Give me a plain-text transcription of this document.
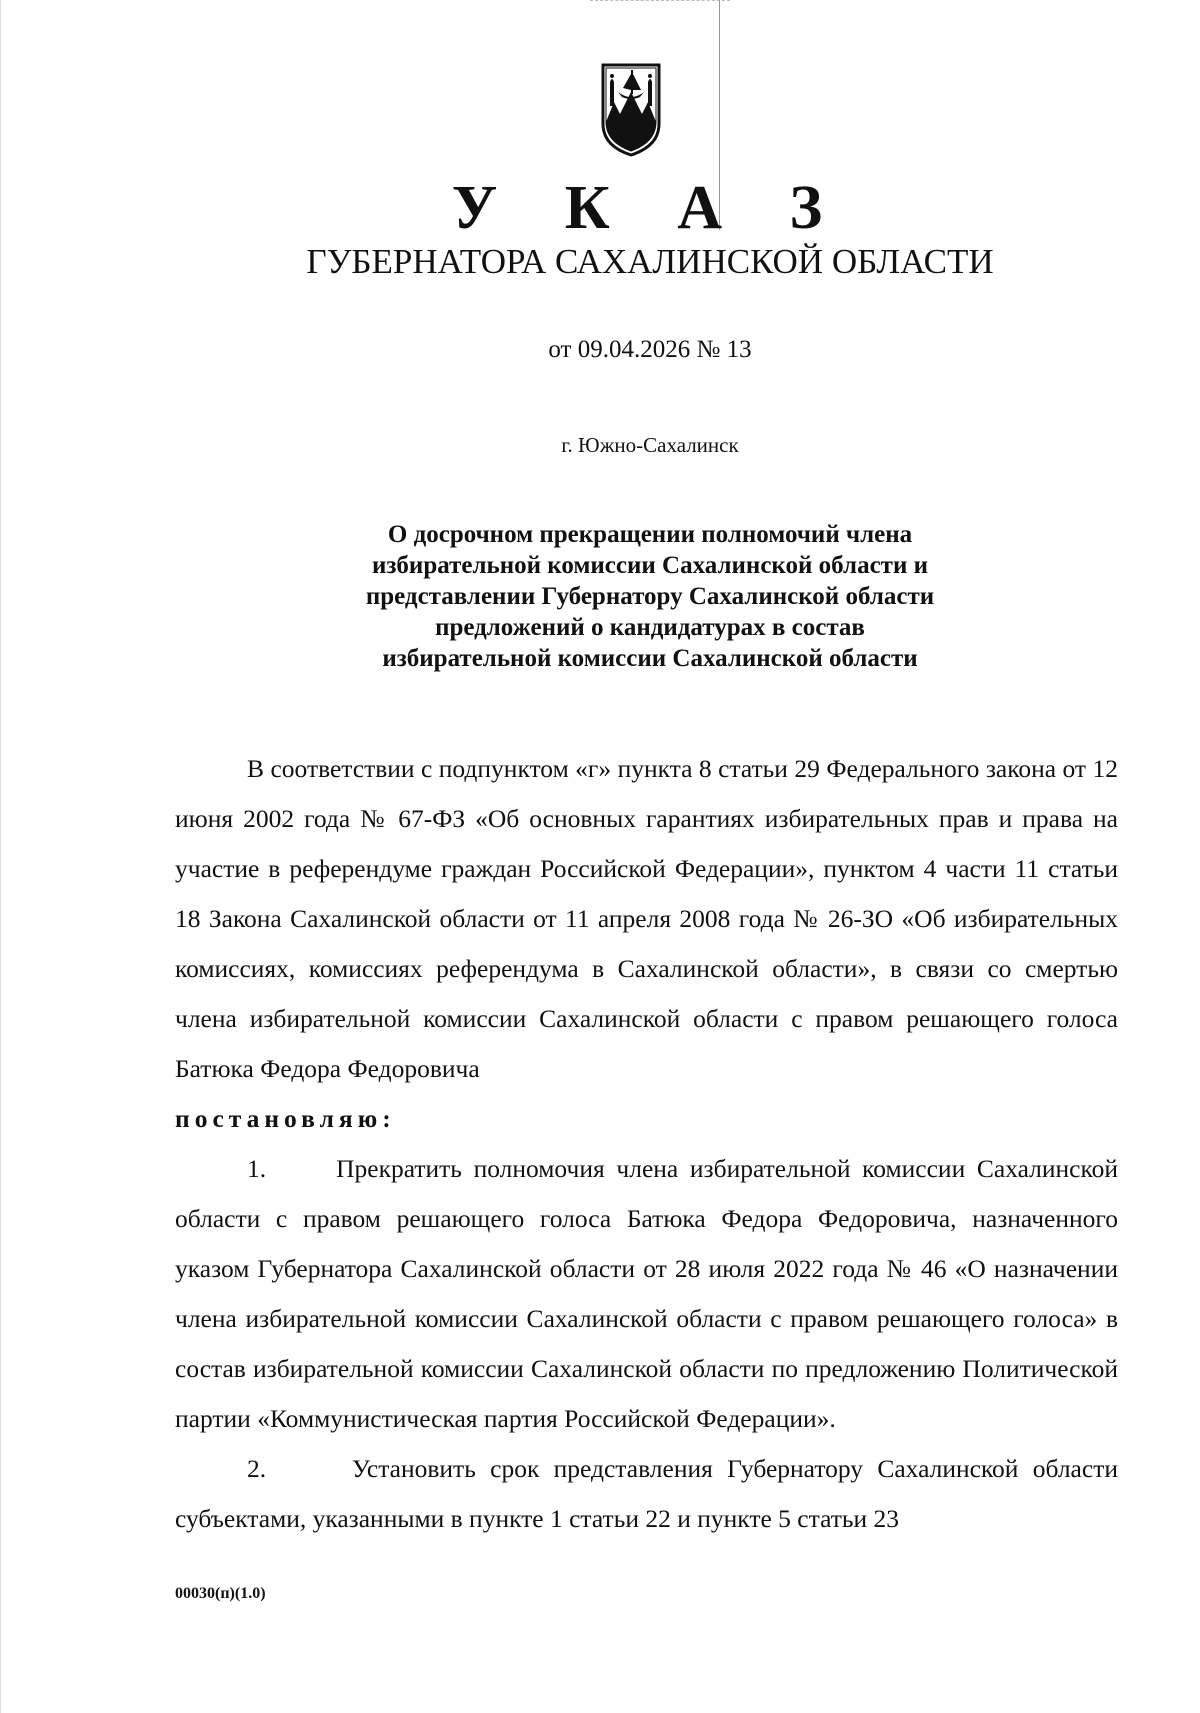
У К А З
ГУБЕРНАТОРА САХАЛИНСКОЙ ОБЛАСТИ
от 09.04.2026 № 13
г. Южно-Сахалинск
О досрочном прекращении полномочий члена
избирательной комиссии Сахалинской области и
представлении Губернатору Сахалинской области
предложений о кандидатурах в состав
избирательной комиссии Сахалинской области

В соответствии с подпунктом «г» пункта 8 статьи 29 Федерального закона от 12 июня 2002 года № 67-ФЗ «Об основных гарантиях избирательных прав и права на участие в референдуме граждан Российской Федерации», пунктом 4 части 11 статьи 18 Закона Сахалинской области от 11 апреля 2008 года № 26-ЗО «Об избирательных комиссиях, комиссиях референдума в Сахалинской области», в связи со смертью члена избирательной комиссии Сахалинской области с правом решающего голоса Батюка Федора Федоровича

постановляю:

1.      Прекратить полномочия члена избирательной комиссии Сахалинской области с правом решающего голоса Батюка Федора Федоровича, назначенного указом Губернатора Сахалинской области от 28 июля 2022 года № 46 «О назначении члена избирательной комиссии Сахалинской области с правом решающего голоса» в состав избирательной комиссии Сахалинской области по предложению Политической партии «Коммунистическая партия Российской Федерации».

2.      Установить срок представления Губернатору Сахалинской области субъектами, указанными в пункте 1 статьи 22 и пункте 5 статьи 23

00030(п)(1.0)
